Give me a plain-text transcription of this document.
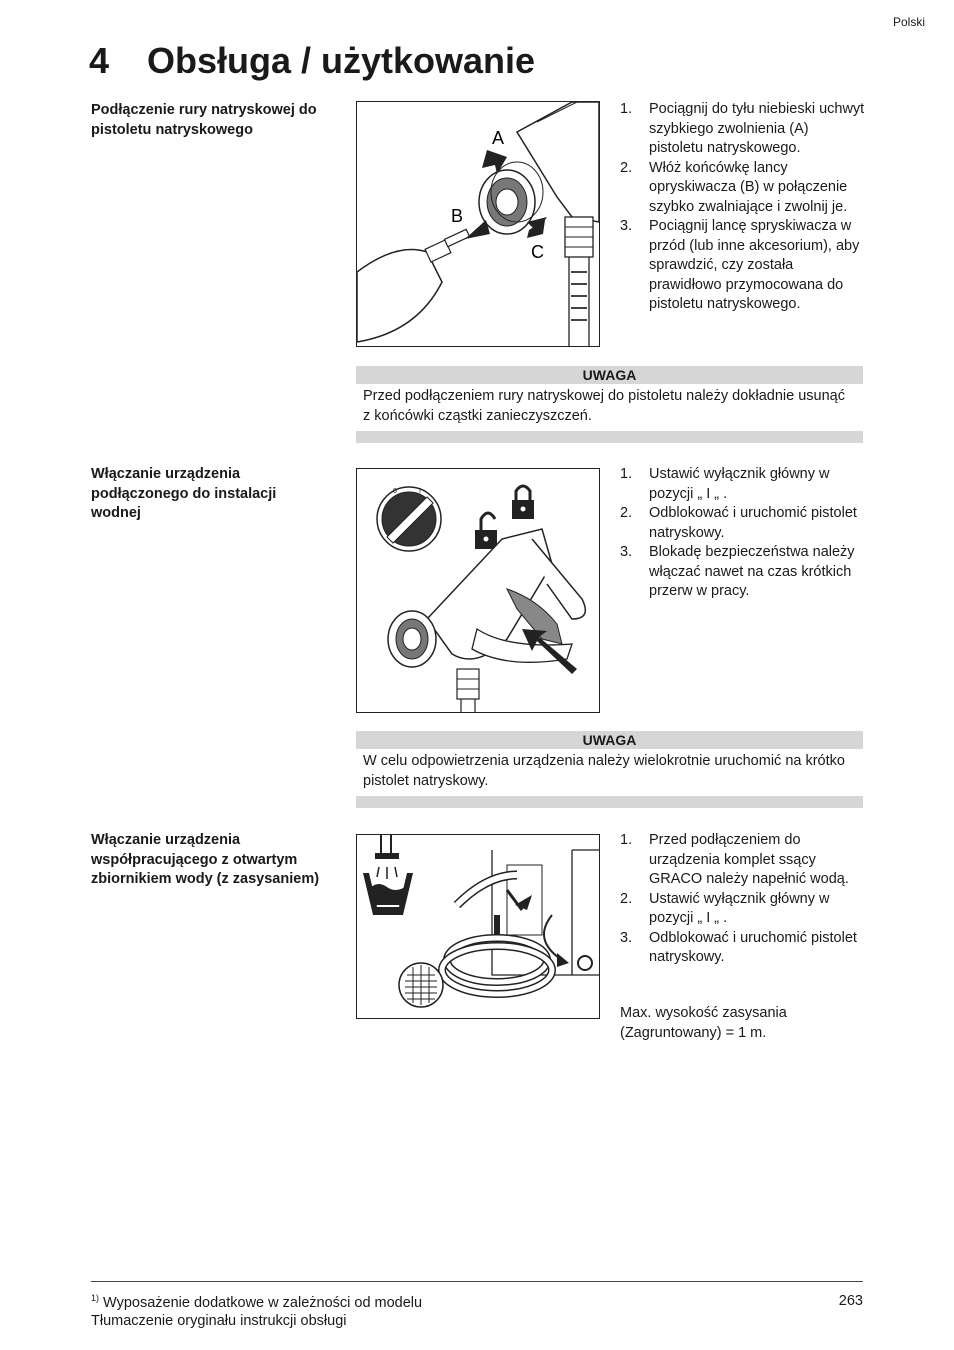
Polski
4 Obsługa / użytkowanie
Podłączenie rury natryskowej do pistoletu natryskowego	A
B
C
1. Pociągnij do tyłu niebieski uchwyt szybkiego zwolnienia (A) pistoletu natryskowego.
2. Włóż końcówkę lancy opryskiwacza (B) w połączenie szybko zwalniające i zwolnij je.
3. Pociągnij lancę spryskiwacza w przód (lub inne akcesorium), aby sprawdzić, czy została prawidłowo przymocowana do pistoletu natryskowego.
UWAGA
Przed podłączeniem rury natryskowej do pistoletu należy dokładnie usunąć z końcówki cząstki zanieczyszczeń.
Włączanie urządzenia podłączonego do instalacji wodnej
0	I
1. Ustawić wyłącznik główny w pozycji „ I „ .
2. Odblokować i uruchomić pistolet natryskowy.
3. Blokadę bezpieczeństwa należy włączać nawet na czas krótkich przerw w pracy.
UWAGA
W celu odpowietrzenia urządzenia należy wielokrotnie uruchomić na krótko pistolet natryskowy.
Włączanie urządzenia współpracującego z otwartym zbiornikiem wody (z zasysaniem)
1. Przed podłączeniem do urządzenia komplet ssący GRACO należy napełnić wodą.
2. Ustawić wyłącznik główny w pozycji „ I „ .
3. Odblokować i uruchomić pistolet natryskowy.
Max. wysokość zasysania (Zagruntowany) = 1 m.
$^{1)}$ Wyposażenie dodatkowe w zależności od modelu
Tłumaczenie oryginału instrukcji obsługi
263
